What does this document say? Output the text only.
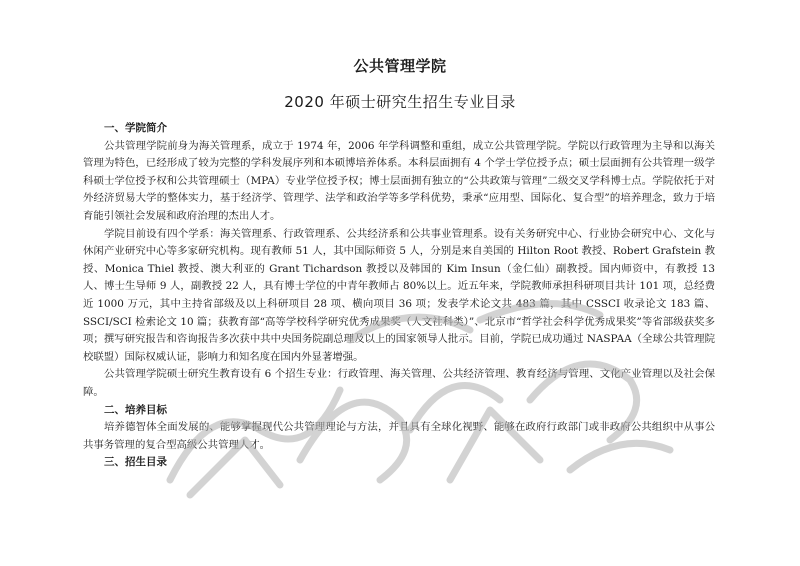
公共管理学院
2020 年硕士研究生招生专业目录
一、学院简介

公共管理学院前身为海关管理系，成立于 1974 年，2006 年学科调整和重组，成立公共管理学院。学院以行政管理为主导和以海关管理为特色，已经形成了较为完整的学科发展序列和本硕博培养体系。本科层面拥有 4 个学士学位授予点；硕士层面拥有公共管理一级学科硕士学位授予权和公共管理硕士（MPA）专业学位授予权；博士层面拥有独立的“公共政策与管理”二级交叉学科博士点。学院依托于对外经济贸易大学的整体实力，基于经济学、管理学、法学和政治学等多学科优势，秉承“应用型、国际化、复合型”的培养理念，致力于培育能引领社会发展和政府治理的杰出人才。

学院目前设有四个学系：海关管理系、行政管理系、公共经济系和公共事业管理系。设有关务研究中心、行业协会研究中心、文化与休闲产业研究中心等多家研究机构。现有教师 51 人，其中国际师资 5 人，分别是来自美国的 Hilton Root 教授、Robert Grafstein 教授、Monica Thiel 教授、澳大利亚的 Grant Tichardson 教授以及韩国的 Kim Insun（金仁仙）副教授。国内师资中，有教授 13 人、博士生导师 9 人，副教授 22 人，具有博士学位的中青年教师占 80%以上。近五年来，学院教师承担科研项目共计 101 项，总经费近 1000 万元，其中主持省部级及以上科研项目 28 项、横向项目 36 项；发表学术论文共 483 篇，其中 CSSCI 收录论文 183 篇、SSCI/SCI 检索论文 10 篇；获教育部“高等学校科学研究优秀成果奖（人文社科类）”、北京市“哲学社会科学优秀成果奖”等省部级获奖多项；撰写研究报告和咨询报告多次获中共中央国务院副总理及以上的国家领导人批示。目前，学院已成功通过 NASPAA（全球公共管理院校联盟）国际权威认证，影响力和知名度在国内外显著增强。

公共管理学院硕士研究生教育设有 6 个招生专业：行政管理、海关管理、公共经济管理、教育经济与管理、文化产业管理以及社会保障。

二、培养目标

培养德智体全面发展的、能够掌握现代公共管理理论与方法，并且具有全球化视野、能够在政府行政部门或非政府公共组织中从事公共事务管理的复合型高级公共管理人才。

三、招生目录
